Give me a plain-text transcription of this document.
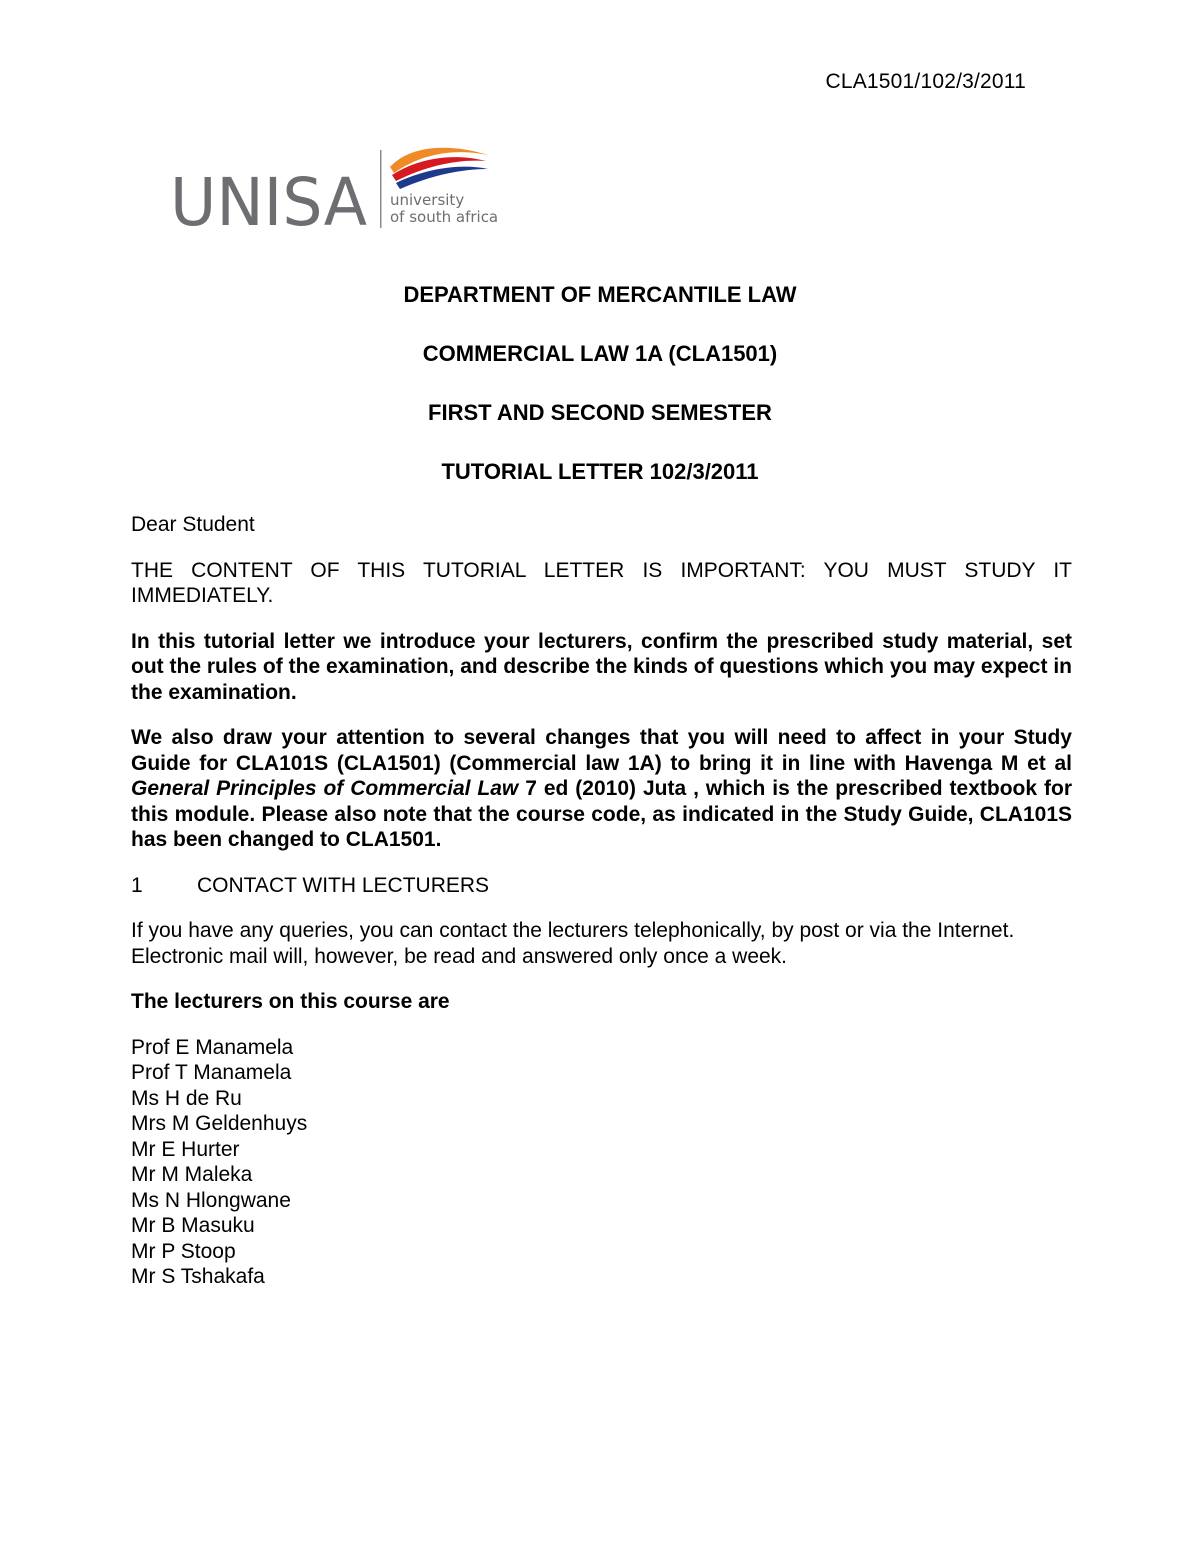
CLA1501/102/3/2011
UNISA university
of south africa
DEPARTMENT OF MERCANTILE LAW
COMMERCIAL LAW 1A (CLA1501)
FIRST AND SECOND SEMESTER
TUTORIAL LETTER 102/3/2011

Dear Student

THE CONTENT OF THIS TUTORIAL LETTER IS IMPORTANT: YOU MUST STUDY IT IMMEDIATELY.

In this tutorial letter we introduce your lecturers, confirm the prescribed study material, set out the rules of the examination, and describe the kinds of questions which you may expect in the examination.

We also draw your attention to several changes that you will need to affect in your Study Guide for CLA101S (CLA1501) (Commercial law 1A) to bring it in line with Havenga M et al General Principles of Commercial Law 7 ed (2010) Juta , which is the prescribed textbook for this module. Please also note that the course code, as indicated in the Study Guide, CLA101S has been changed to CLA1501.

1	CONTACT WITH LECTURERS

If you have any queries, you can contact the lecturers telephonically, by post or via the Internet. Electronic mail will, however, be read and answered only once a week.

The lecturers on this course are

Prof E Manamela
Prof T Manamela
Ms H de Ru
Mrs M Geldenhuys
Mr E Hurter
Mr M Maleka
Ms N Hlongwane
Mr B Masuku
Mr P Stoop
Mr S Tshakafa
